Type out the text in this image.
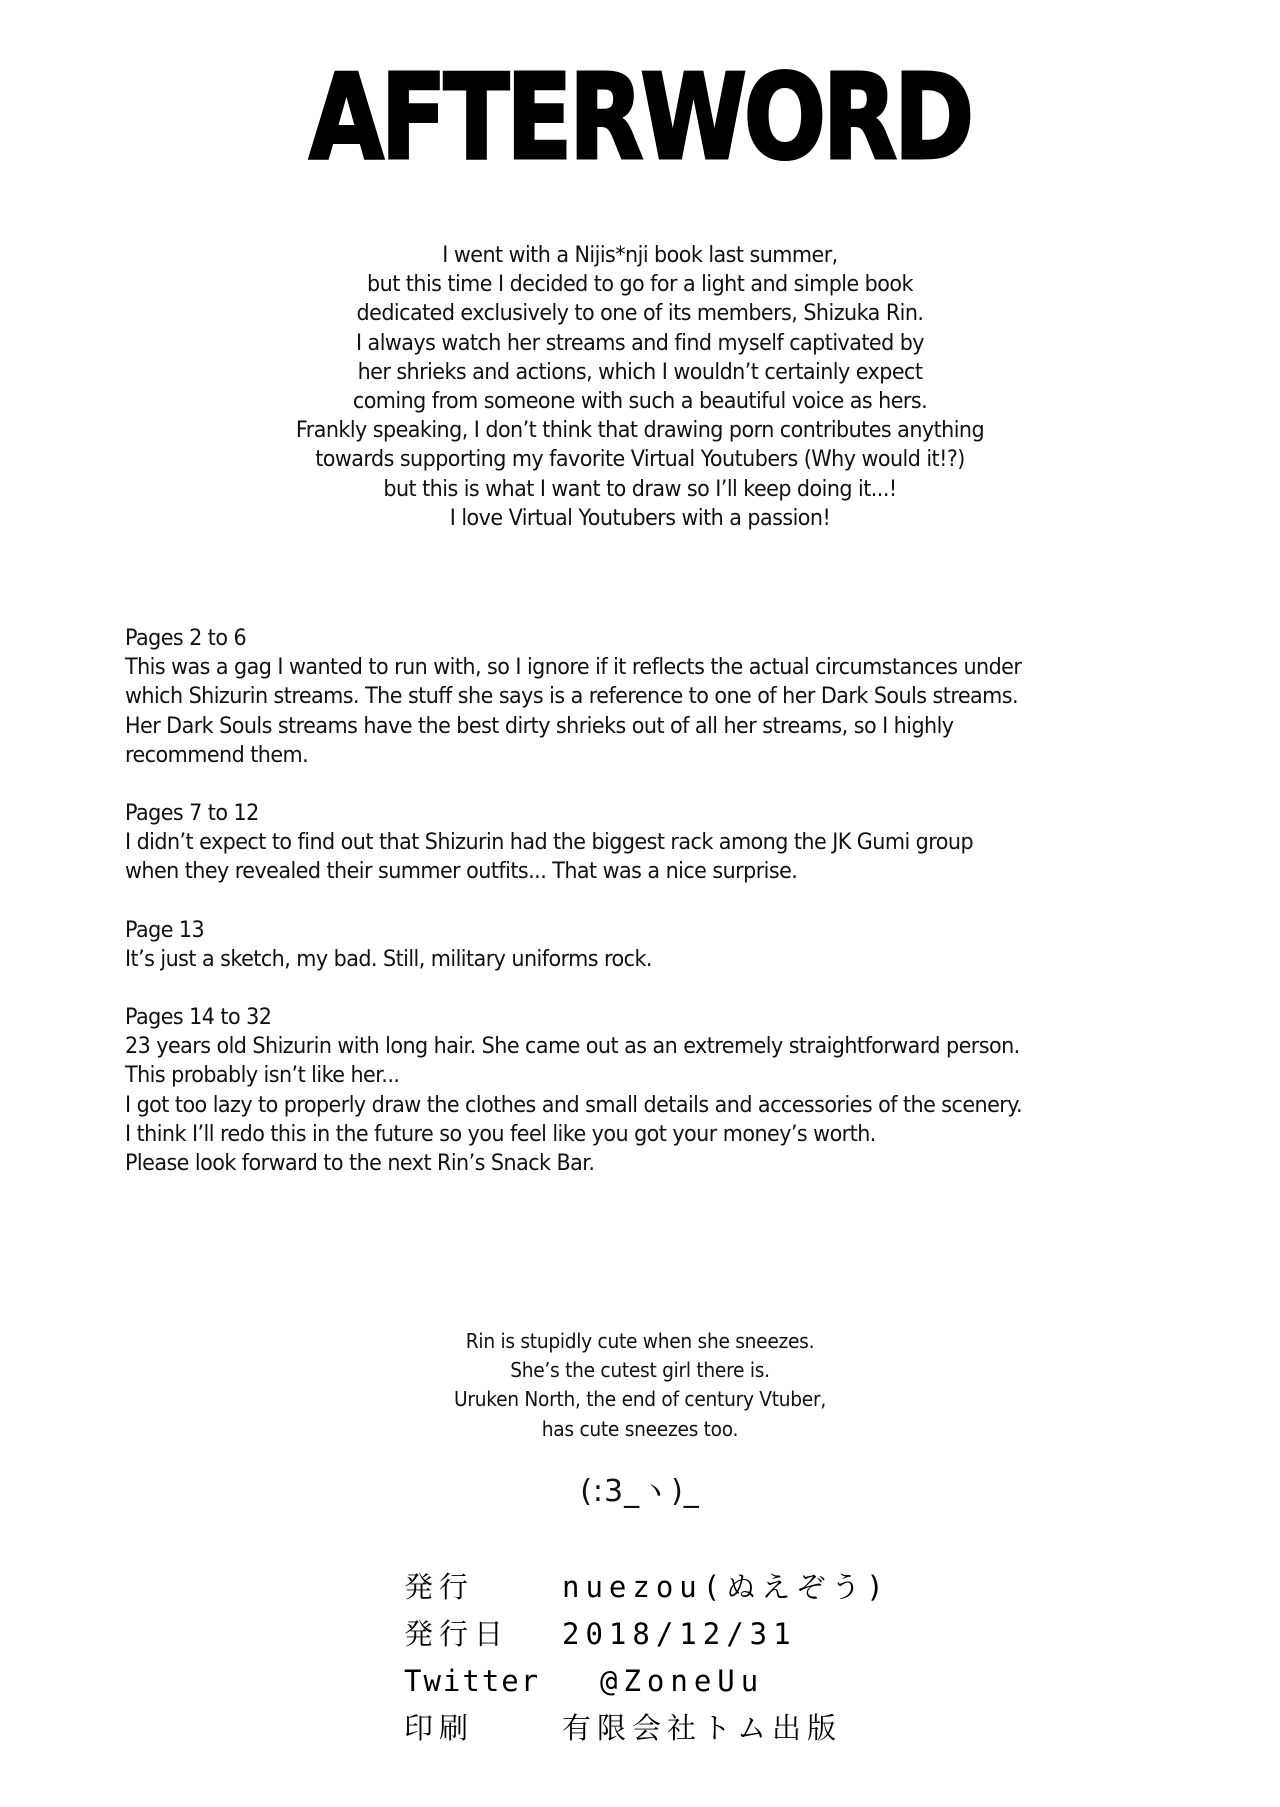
AFTERWORD
I went with a Nijis*nji book last summer,
but this time I decided to go for a light and simple book
dedicated exclusively to one of its members, Shizuka Rin.
I always watch her streams and find myself captivated by
her shrieks and actions, which I wouldn’t certainly expect
coming from someone with such a beautiful voice as hers.
Frankly speaking, I don’t think that drawing porn contributes anything
towards supporting my favorite Virtual Youtubers (Why would it!?)
but this is what I want to draw so I’ll keep doing it...!
I love Virtual Youtubers with a passion!
Pages 2 to 6
This was a gag I wanted to run with, so I ignore if it reflects the actual circumstances under
which Shizurin streams. The stuff she says is a reference to one of her Dark Souls streams.
Her Dark Souls streams have the best dirty shrieks out of all her streams, so I highly
recommend them.
Pages 7 to 12
I didn’t expect to find out that Shizurin had the biggest rack among the JK Gumi group
when they revealed their summer outfits... That was a nice surprise.
Page 13
It’s just a sketch, my bad. Still, military uniforms rock.
Pages 14 to 32
23 years old Shizurin with long hair. She came out as an extremely straightforward person.
This probably isn’t like her...
I got too lazy to properly draw the clothes and small details and accessories of the scenery.
I think I’ll redo this in the future so you feel like you got your money’s worth.
Please look forward to the next Rin’s Snack Bar.
Rin is stupidly cute when she sneezes.
She’s the cutest girl there is.
Uruken North, the end of century Vtuber,
has cute sneezes too.
(:3_ヽ)_
発行	nuezou(ぬえぞう)
発行日 2018/12/31
Twitter @ZoneUu
印刷	有限会社トム出版
